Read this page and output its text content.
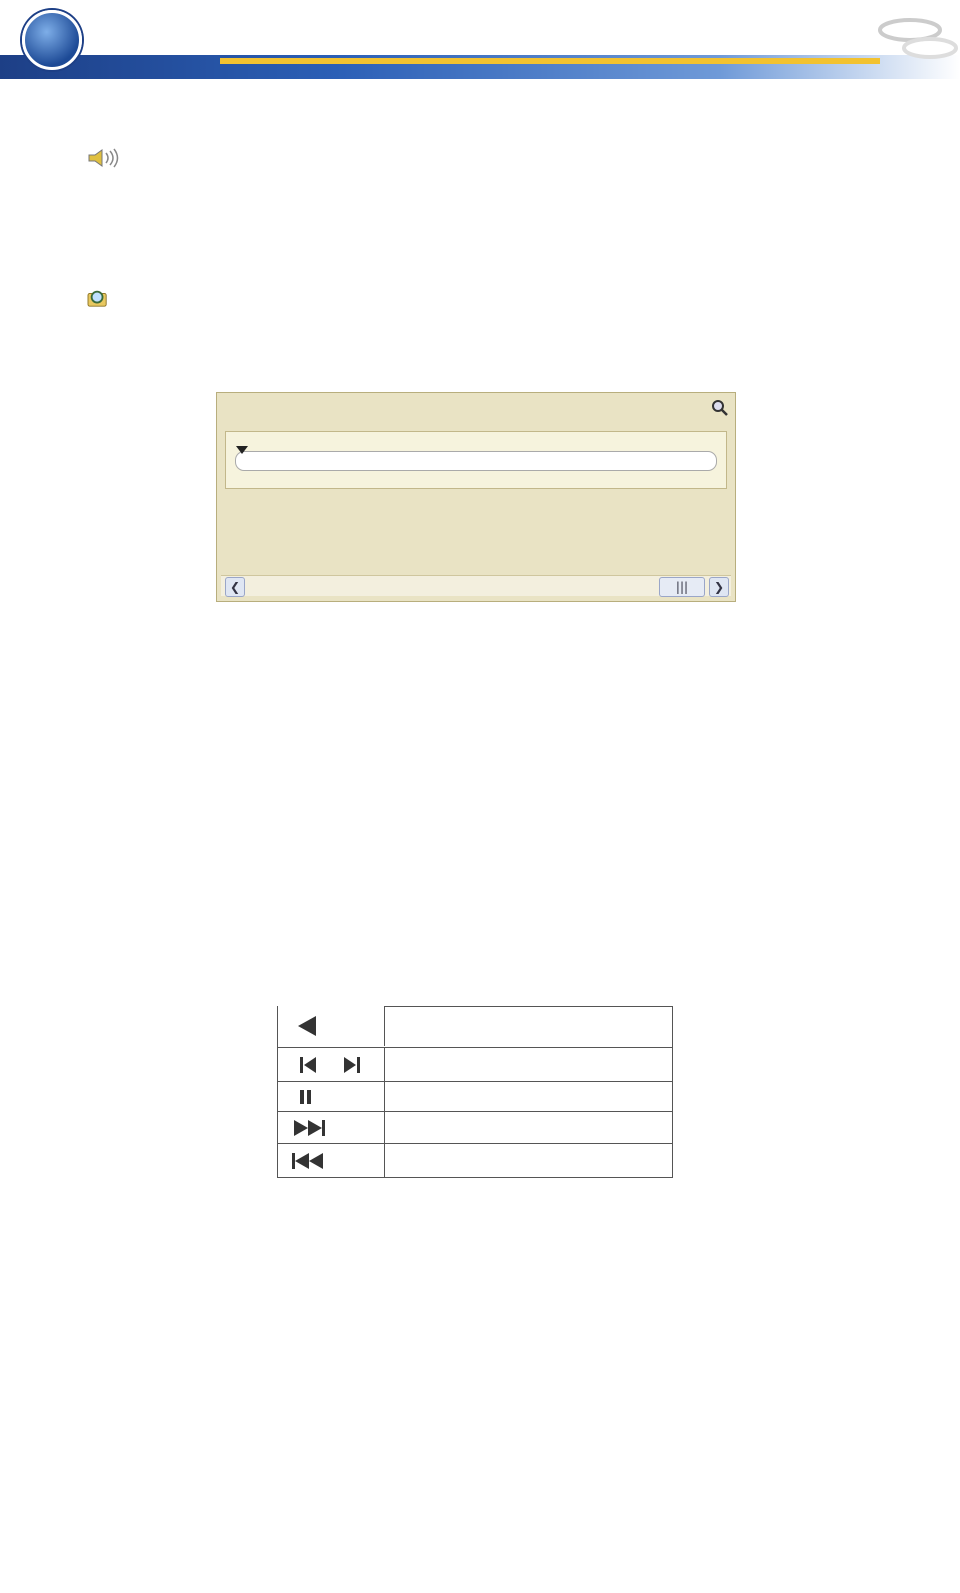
❮	|||	❯
